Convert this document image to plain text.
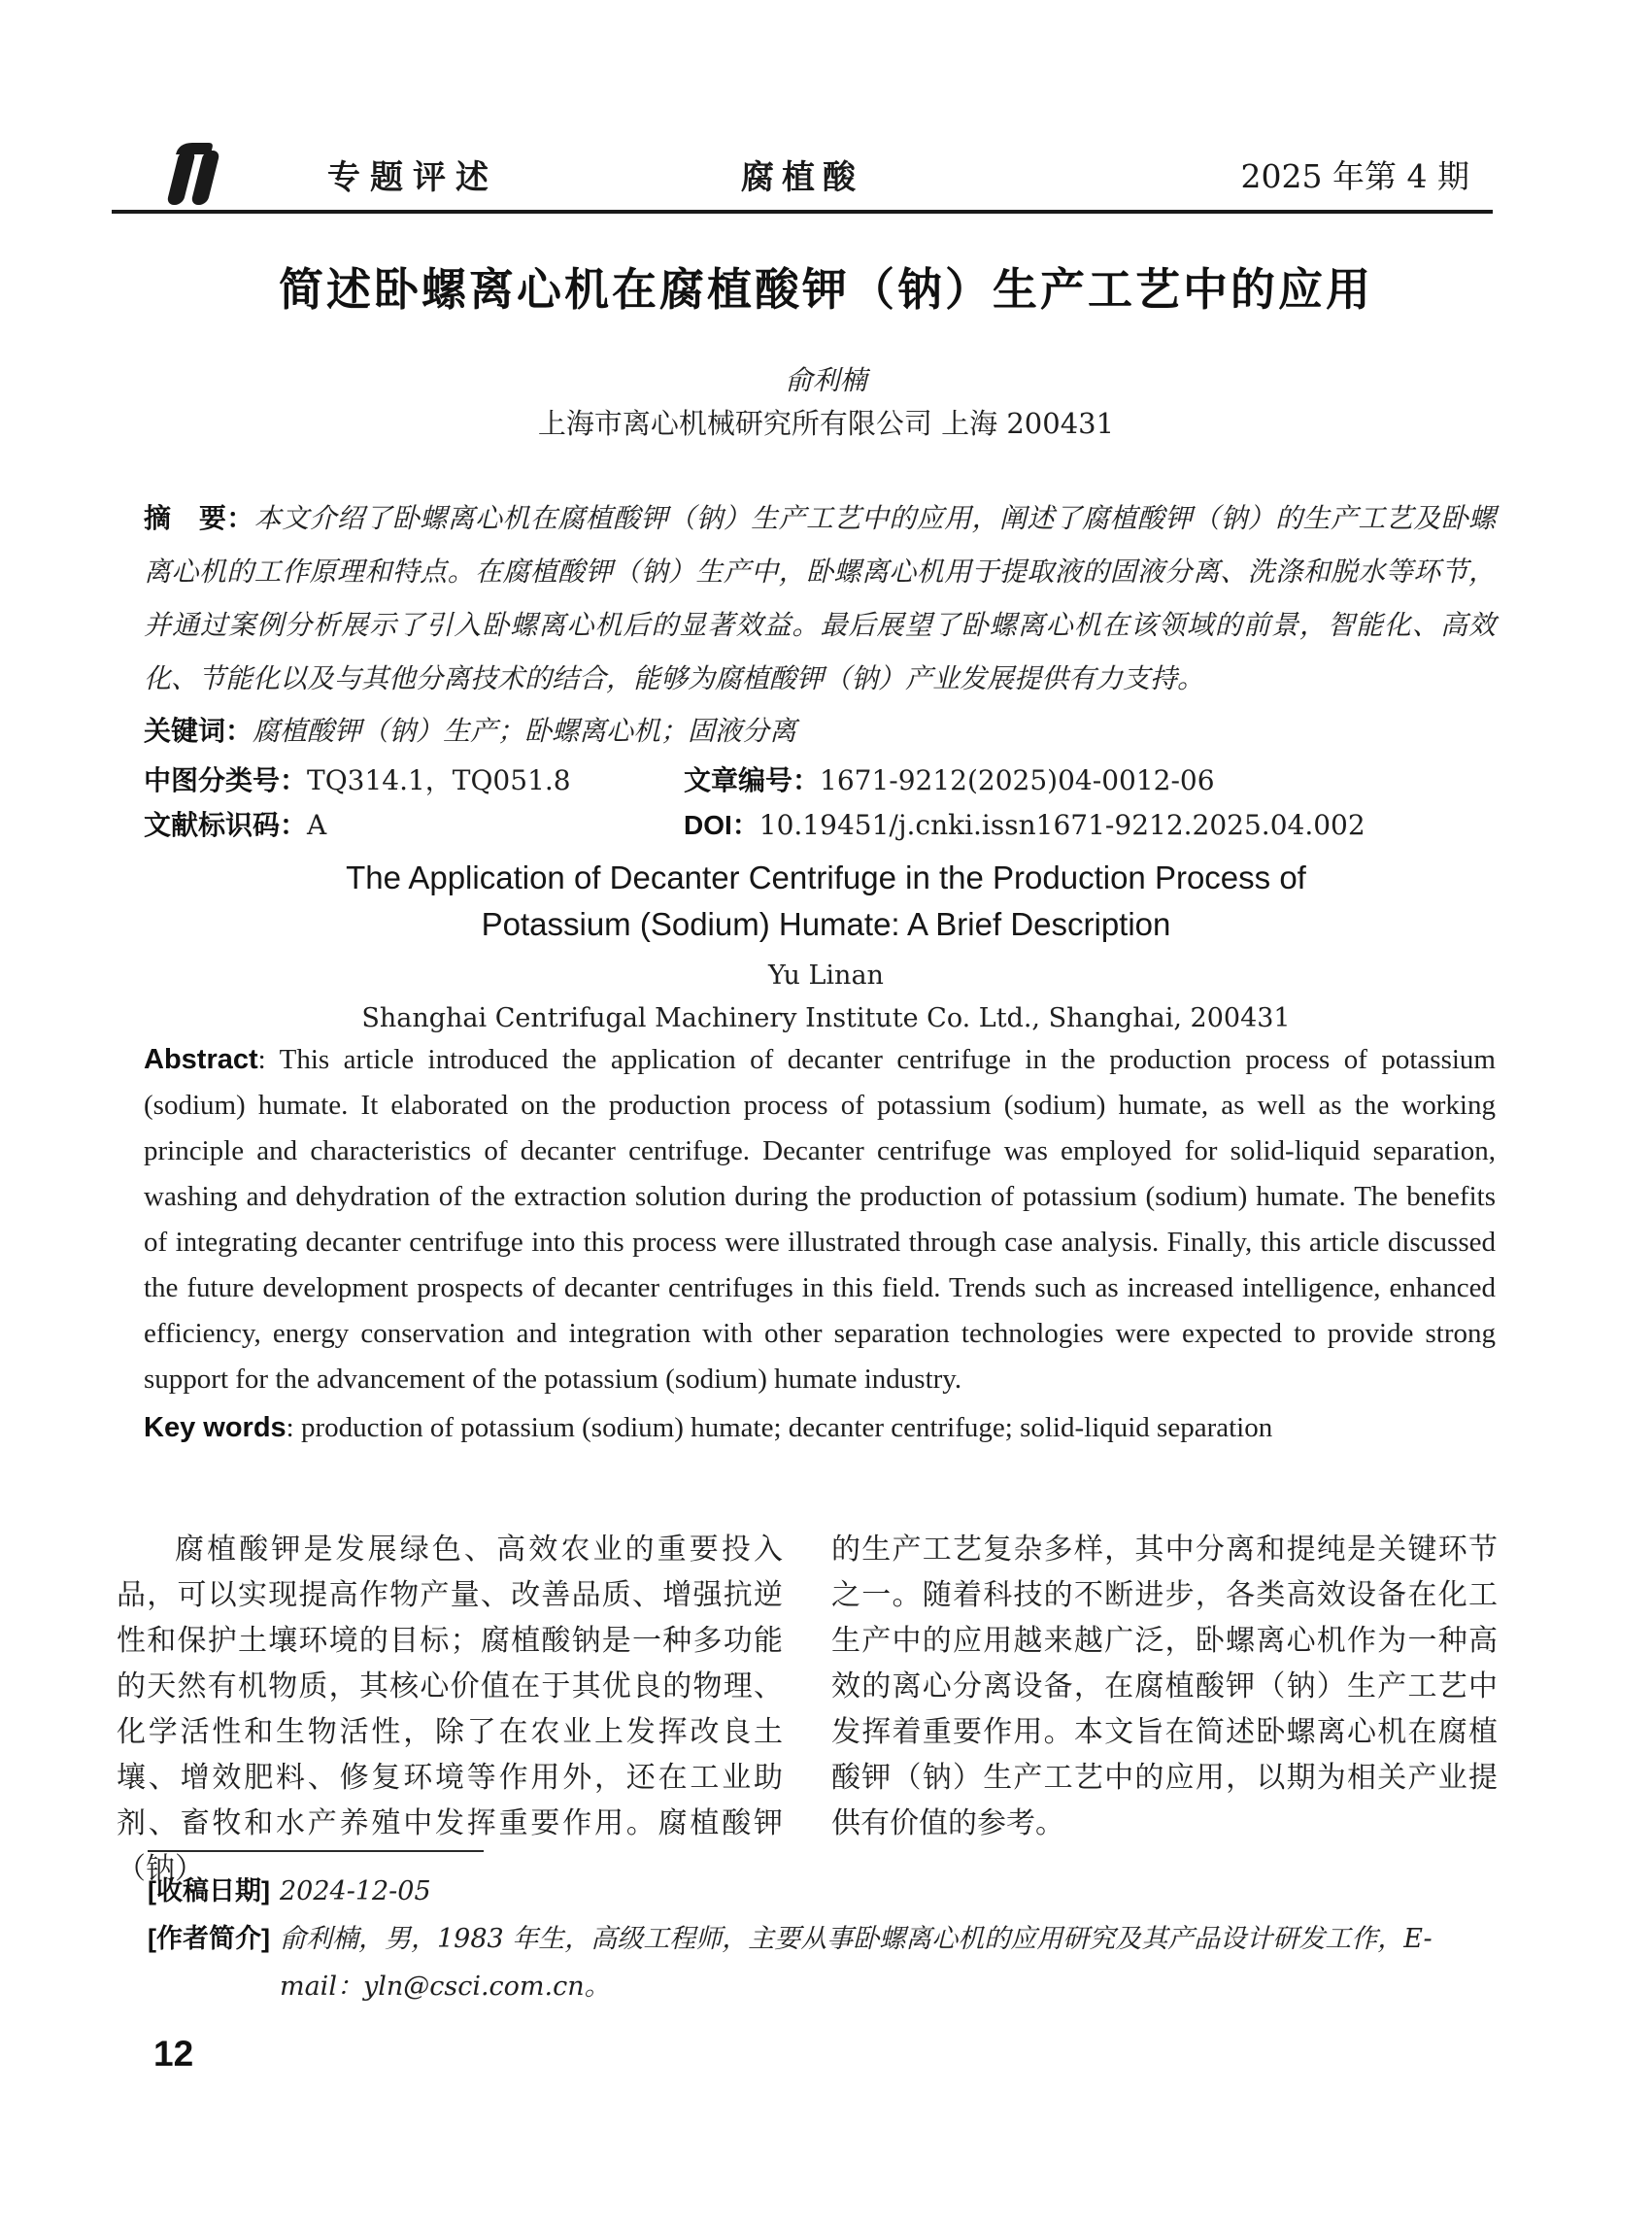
专题评述	腐植酸	2025 年第 4 期
简述卧螺离心机在腐植酸钾（钠）生产工艺中的应用
俞利楠
上海市离心机械研究所有限公司 上海 200431
摘　要：本文介绍了卧螺离心机在腐植酸钾（钠）生产工艺中的应用，阐述了腐植酸钾（钠）的生产工艺及卧螺离心机的工作原理和特点。在腐植酸钾（钠）生产中，卧螺离心机用于提取液的固液分离、洗涤和脱水等环节，并通过案例分析展示了引入卧螺离心机后的显著效益。最后展望了卧螺离心机在该领域的前景，智能化、高效化、节能化以及与其他分离技术的结合，能够为腐植酸钾（钠）产业发展提供有力支持。
关键词：腐植酸钾（钠）生产；卧螺离心机；固液分离
中图分类号：TQ314.1，TQ051.8	文章编号：1671-9212(2025)04-0012-06
文献标识码：A	DOI：10.19451/j.cnki.issn1671-9212.2025.04.002
The Application of Decanter Centrifuge in the Production Process of
Potassium (Sodium) Humate: A Brief Description
Yu Linan
Shanghai Centrifugal Machinery Institute Co. Ltd., Shanghai, 200431
Abstract: This article introduced the application of decanter centrifuge in the production process of potassium (sodium) humate. It elaborated on the production process of potassium (sodium) humate, as well as the working principle and characteristics of decanter centrifuge. Decanter centrifuge was employed for solid-liquid separation, washing and dehydration of the extraction solution during the production of potassium (sodium) humate. The benefits of integrating decanter centrifuge into this process were illustrated through case analysis. Finally, this article discussed the future development prospects of decanter centrifuges in this field. Trends such as increased intelligence, enhanced efficiency, energy conservation and integration with other separation technologies were expected to provide strong support for the advancement of the potassium (sodium) humate industry.
Key words: production of potassium (sodium) humate; decanter centrifuge; solid-liquid separation

腐植酸钾是发展绿色、高效农业的重要投入品，可以实现提高作物产量、改善品质、增强抗逆性和保护土壤环境的目标；腐植酸钠是一种多功能的天然有机物质，其核心价值在于其优良的物理、化学活性和生物活性，除了在农业上发挥改良土壤、增效肥料、修复环境等作用外，还在工业助剂、畜牧和水产养殖中发挥重要作用。腐植酸钾（钠）

的生产工艺复杂多样，其中分离和提纯是关键环节之一。随着科技的不断进步，各类高效设备在化工生产中的应用越来越广泛，卧螺离心机作为一种高效的离心分离设备，在腐植酸钾（钠）生产工艺中发挥着重要作用。本文旨在简述卧螺离心机在腐植酸钾（钠）生产工艺中的应用，以期为相关产业提供有价值的参考。

[收稿日期] 2024-12-05
[作者简介] 俞利楠，男，1983 年生，高级工程师，主要从事卧螺离心机的应用研究及其产品设计研发工作，E-mail：yln@csci.com.cn。
12
